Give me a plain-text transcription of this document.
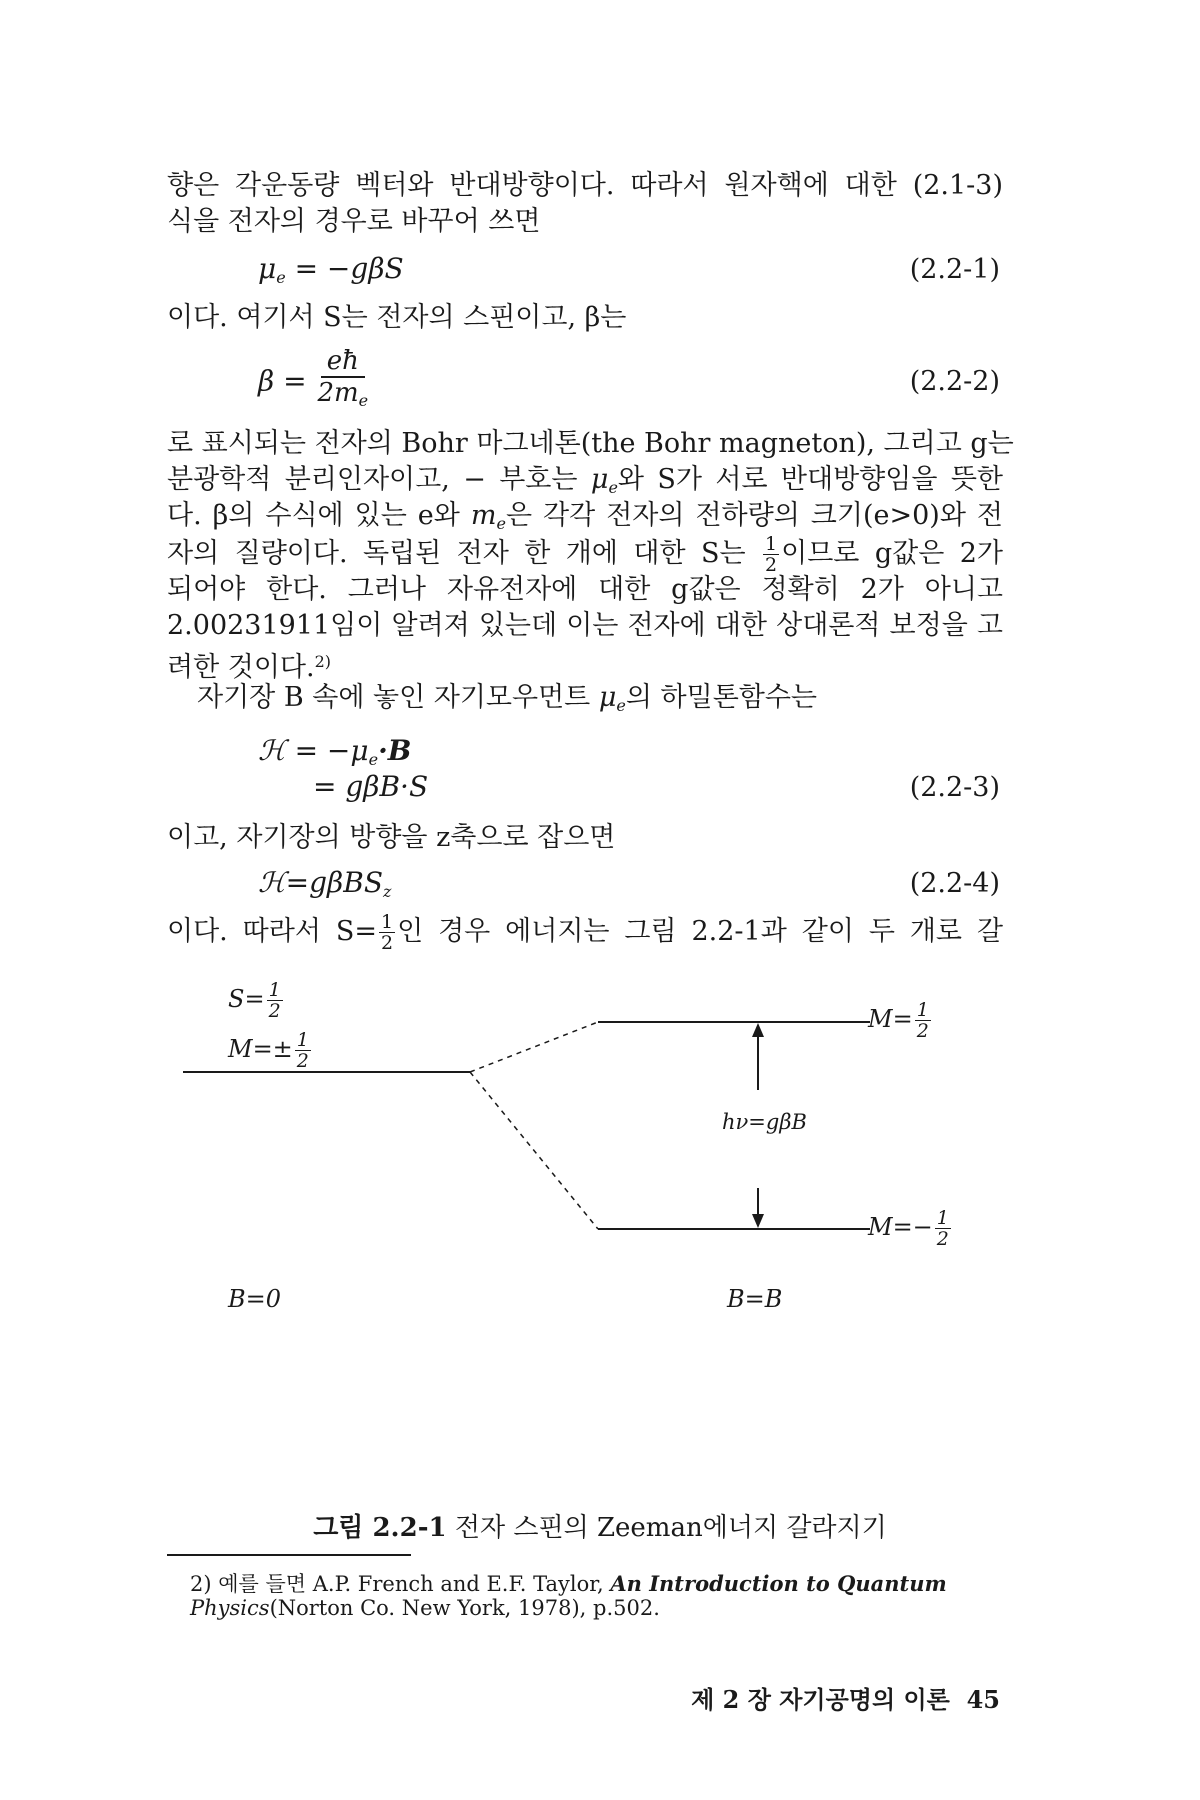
향은 각운동량 벡터와 반대방향이다. 따라서 원자핵에 대한 (2.1-3)
식을 전자의 경우로 바꾸어 쓰면
$\mu_e = -g\beta S$	(2.2-1)
이다. 여기서 S는 전자의 스핀이고, β는
$\beta = \frac{eħ}{2m_e}$	(2.2-2)
로 표시되는 전자의 Bohr 마그네톤(the Bohr magneton), 그리고 g는
분광학적 분리인자이고, − 부호는 $\mu_e$와 S가 서로 반대방향임을 뜻한
다. β의 수식에 있는 e와 $m_e$은 각각 전자의 전하량의 크기(e>0)와 전
자의 질량이다. 독립된 전자 한 개에 대한 S는 $\frac{1}{2}$ 이므로 g값은 2가
되어야 한다. 그러나 자유전자에 대한 g값은 정확히 2가 아니고
2.00231911임이 알려져 있는데 이는 전자에 대한 상대론적 보정을 고
려한 것이다.$^{2)}$
자기장 B 속에 놓인 자기모우먼트 $\mu_e$의 하밀톤함수는
ℋ = $-\mu_e\cdot B$
= gβB·S	(2.2-3)
이고, 자기장의 방향을 z축으로 잡으면
ℋ=gβBS$_z$	(2.2-4)
이다. 따라서 $S= \frac{1}{2}$ 인 경우 에너지는 그림 2.2-1과 같이 두 개로 갈
$S= \frac{1}{2}$
$M=\pm \frac{1}{2}$
$M= \frac{1}{2}$
$M=- \frac{1}{2}$
hν=gβB
B=0	B=B
그림 2.2-1 전자 스핀의 Zeeman에너지 갈라지기
2) 예를 들면 A.P. French and E.F. Taylor, An Introduction to Quantum
Physics(Norton Co. New York, 1978), p.502.
제 2 장 자기공명의 이론 45
